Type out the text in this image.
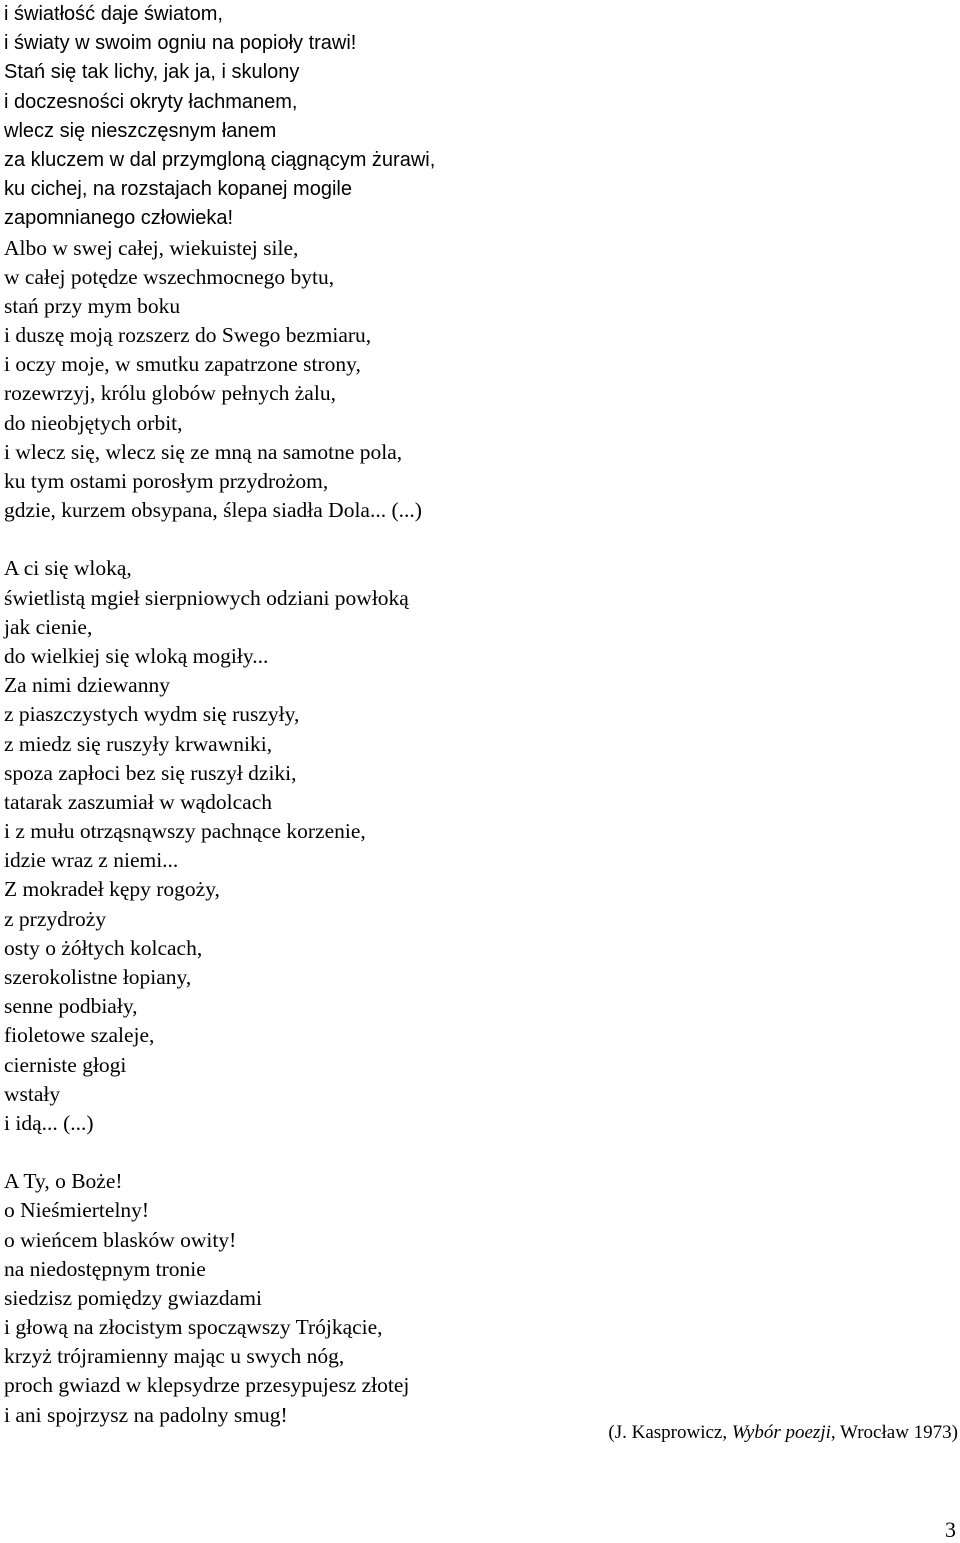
i światłość daje światom,
i światy w swoim ogniu na popioły trawi!
Stań się tak lichy, jak ja, i skulony
i doczesności okryty łachmanem,
wlecz się nieszczęsnym łanem
za kluczem w dal przymgloną ciągnącym żurawi,
ku cichej, na rozstajach kopanej mogile
zapomnianego człowieka!
Albo w swej całej, wiekuistej sile,
w całej potędze wszechmocnego bytu,
stań przy mym boku
i duszę moją rozszerz do Swego bezmiaru,
i oczy moje, w smutku zapatrzone strony,
rozewrzyj, królu globów pełnych żalu,
do nieobjętych orbit,
i wlecz się, wlecz się ze mną na samotne pola,
ku tym ostami porosłym przydrożom,
gdzie, kurzem obsypana, ślepa siadła Dola... (...)
A ci się wloką,
świetlistą mgieł sierpniowych odziani powłoką
jak cienie,
do wielkiej się wloką mogiły...
Za nimi dziewanny
z piaszczystych wydm się ruszyły,
z miedz się ruszyły krwawniki,
spoza zapłoci bez się ruszył dziki,
tatarak zaszumiał w wądolcach
i z mułu otrząsnąwszy pachnące korzenie,
idzie wraz z niemi...
Z mokradeł kępy rogoży,
z przydroży
osty o żółtych kolcach,
szerokolistne łopiany,
senne podbiały,
fioletowe szaleje,
cierniste głogi
wstały
i idą... (...)
A Ty, o Boże!
o Nieśmiertelny!
o wieńcem blasków owity!
na niedostępnym tronie
siedzisz pomiędzy gwiazdami
i głową na złocistym spocząwszy Trójkącie,
krzyż trójramienny mając u swych nóg,
proch gwiazd w klepsydrze przesypujesz złotej
i ani spojrzysz na padolny smug!
(J. Kasprowicz, Wybór poezji, Wrocław 1973)
3
